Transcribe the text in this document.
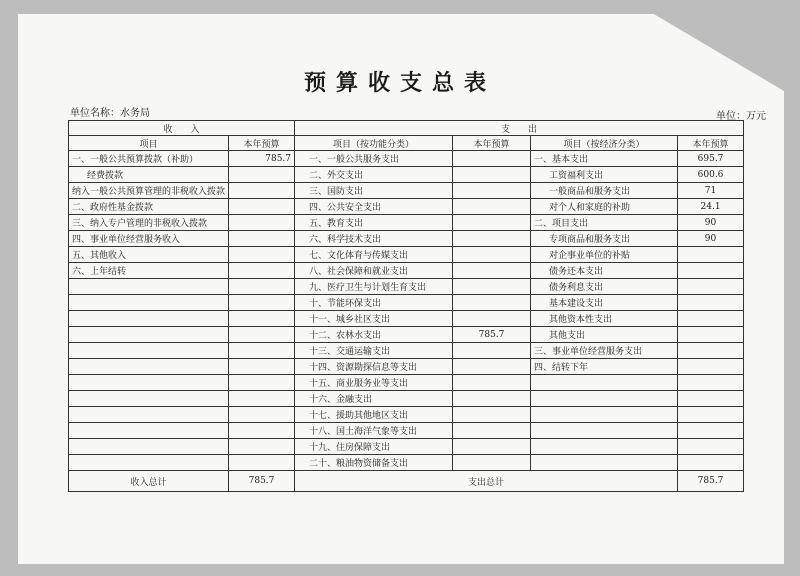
预算收支总表
单位名称：水务局	单位：万元
收　　入		支　　出			
项目	本年预算	项目（按功能分类）	本年预算	项目（按经济分类）	本年预算
一、一般公共预算拨款（补助）	785.7	一、一般公共服务支出		一、基本支出	695.7
经费拨款		二、外交支出		工资福利支出	600.6
纳入一般公共预算管理的非税收入拨款		三、国防支出		一般商品和服务支出	71
二、政府性基金拨款		四、公共安全支出		对个人和家庭的补助	24.1
三、纳入专户管理的非税收入拨款		五、教育支出		二、项目支出	90
四、事业单位经营服务收入		六、科学技术支出		专项商品和服务支出	90
五、其他收入		七、文化体育与传媒支出		对企事业单位的补贴	
六、上年结转		八、社会保障和就业支出		债务还本支出	
		九、医疗卫生与计划生育支出		债务利息支出	
		十、节能环保支出		基本建设支出	
		十一、城乡社区支出		其他资本性支出	
		十二、农林水支出	785.7	其他支出	
		十三、交通运输支出		三、事业单位经营服务支出	
		十四、资源勘探信息等支出		四、结转下年	
		十五、商业服务业等支出			
		十六、金融支出			
		十七、援助其他地区支出			
		十八、国土海洋气象等支出			
		十九、住房保障支出			
		二十、粮油物资储备支出			
收入总计	785.7	支出总计			785.7
